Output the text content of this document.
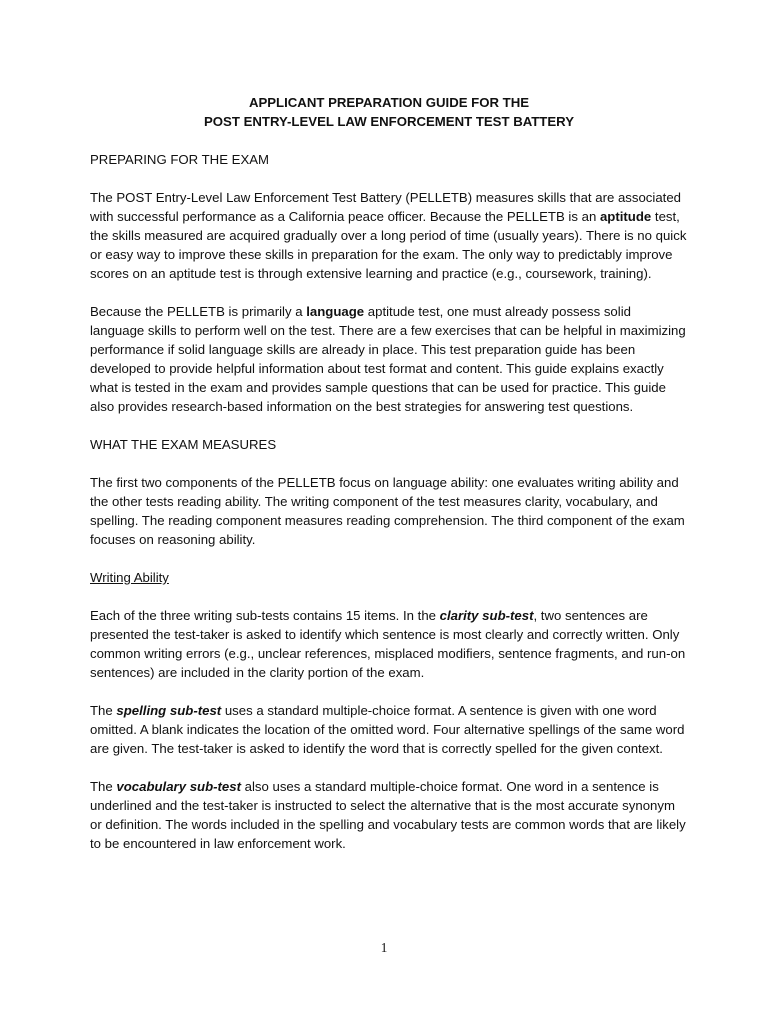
APPLICANT PREPARATION GUIDE FOR THE

POST ENTRY-LEVEL LAW ENFORCEMENT TEST BATTERY

PREPARING FOR THE EXAM

The POST Entry-Level Law Enforcement Test Battery (PELLETB) measures skills that are associated with successful performance as a California peace officer. Because the PELLETB is an aptitude test, the skills measured are acquired gradually over a long period of time (usually years). There is no quick or easy way to improve these skills in preparation for the exam. The only way to predictably improve scores on an aptitude test is through extensive learning and practice (e.g., coursework, training).

Because the PELLETB is primarily a language aptitude test, one must already possess solid language skills to perform well on the test. There are a few exercises that can be helpful in maximizing performance if solid language skills are already in place. This test preparation guide has been developed to provide helpful information about test format and content. This guide explains exactly what is tested in the exam and provides sample questions that can be used for practice. This guide also provides research-based information on the best strategies for answering test questions.

WHAT THE EXAM MEASURES

The first two components of the PELLETB focus on language ability: one evaluates writing ability and the other tests reading ability. The writing component of the test measures clarity, vocabulary, and spelling. The reading component measures reading comprehension. The third component of the exam focuses on reasoning ability.

Writing Ability

Each of the three writing sub-tests contains 15 items. In the clarity sub-test, two sentences are presented the test-taker is asked to identify which sentence is most clearly and correctly written. Only common writing errors (e.g., unclear references, misplaced modifiers, sentence fragments, and run-on sentences) are included in the clarity portion of the exam.

The spelling sub-test uses a standard multiple-choice format. A sentence is given with one word omitted. A blank indicates the location of the omitted word. Four alternative spellings of the same word are given. The test-taker is asked to identify the word that is correctly spelled for the given context.

The vocabulary sub-test also uses a standard multiple-choice format. One word in a sentence is underlined and the test-taker is instructed to select the alternative that is the most accurate synonym or definition. The words included in the spelling and vocabulary tests are common words that are likely to be encountered in law enforcement work.

1
